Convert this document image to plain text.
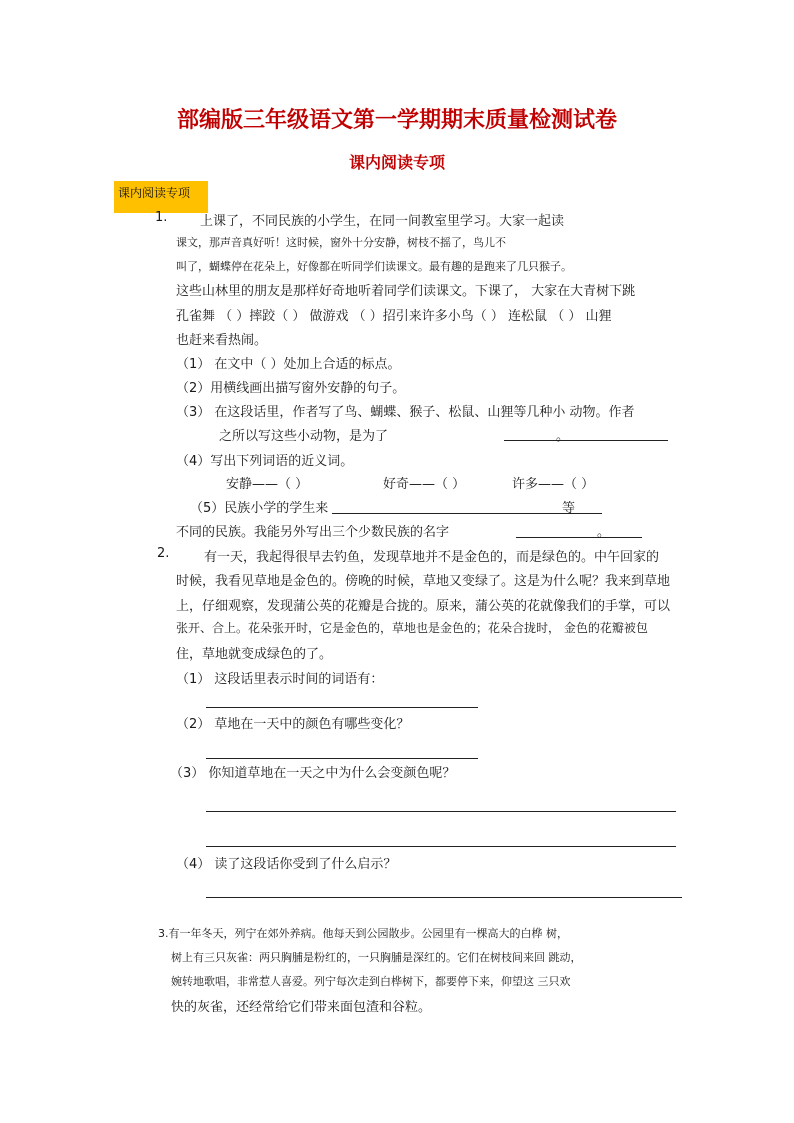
部编版三年级语文第一学期期末质量检测试卷
课内阅读专项
课内阅读专项
1.	上课了，不同民族的小学生，在同一间教室里学习。大家一起读
课文，那声音真好听！这时候，窗外十分安静，树枝不摇了，鸟儿不
叫了，蝴蝶停在花朵上，好像都在听同学们读课文。最有趣的是跑来了几只猴子。
这些山林里的朋友是那样好奇地听着同学们读课文。下课了， 大家在大青树下跳
孔雀舞 （ ）摔跤（ ） 做游戏 （ ）招引来许多小鸟（ ） 连松鼠 （ ） 山狸
也赶来看热闹。
（1） 在文中（ ）处加上合适的标点。
（2）用横线画出描写窗外安静的句子。
（3） 在这段话里，作者写了鸟、蝴蝶、猴子、松鼠、山狸等几种小 动物。作者
之所以写这些小动物，是为了	。
（4）写出下列词语的近义词。
安静——（ ）	好奇——（ ）	许多——（ ）
（5）民族小学的学生来	等
不同的民族。我能另外写出三个少数民族的名字	。
2.	有一天，我起得很早去钓鱼，发现草地并不是金色的，而是绿色的。中午回家的
时候，我看见草地是金色的。傍晚的时候，草地又变绿了。这是为什么呢？我来到草地
上，仔细观察，发现蒲公英的花瓣是合拢的。原来，蒲公英的花就像我们的手掌，可以
张开、合上。花朵张开时，它是金色的，草地也是金色的；花朵合拢时， 金色的花瓣被包
住，草地就变成绿色的了。
（1） 这段话里表示时间的词语有：
（2） 草地在一天中的颜色有哪些变化？
（3） 你知道草地在一天之中为什么会变颜色呢？
（4） 读了这段话你受到了什么启示？
3.有一年冬天，列宁在郊外养病。他每天到公园散步。公园里有一棵高大的白桦 树，
树上有三只灰雀：两只胸脯是粉红的，一只胸脯是深红的。它们在树枝间来回 跳动，
婉转地歌唱，非常惹人喜爱。列宁每次走到白桦树下，都要停下来，仰望这 三只欢
快的灰雀，还经常给它们带来面包渣和谷粒。
